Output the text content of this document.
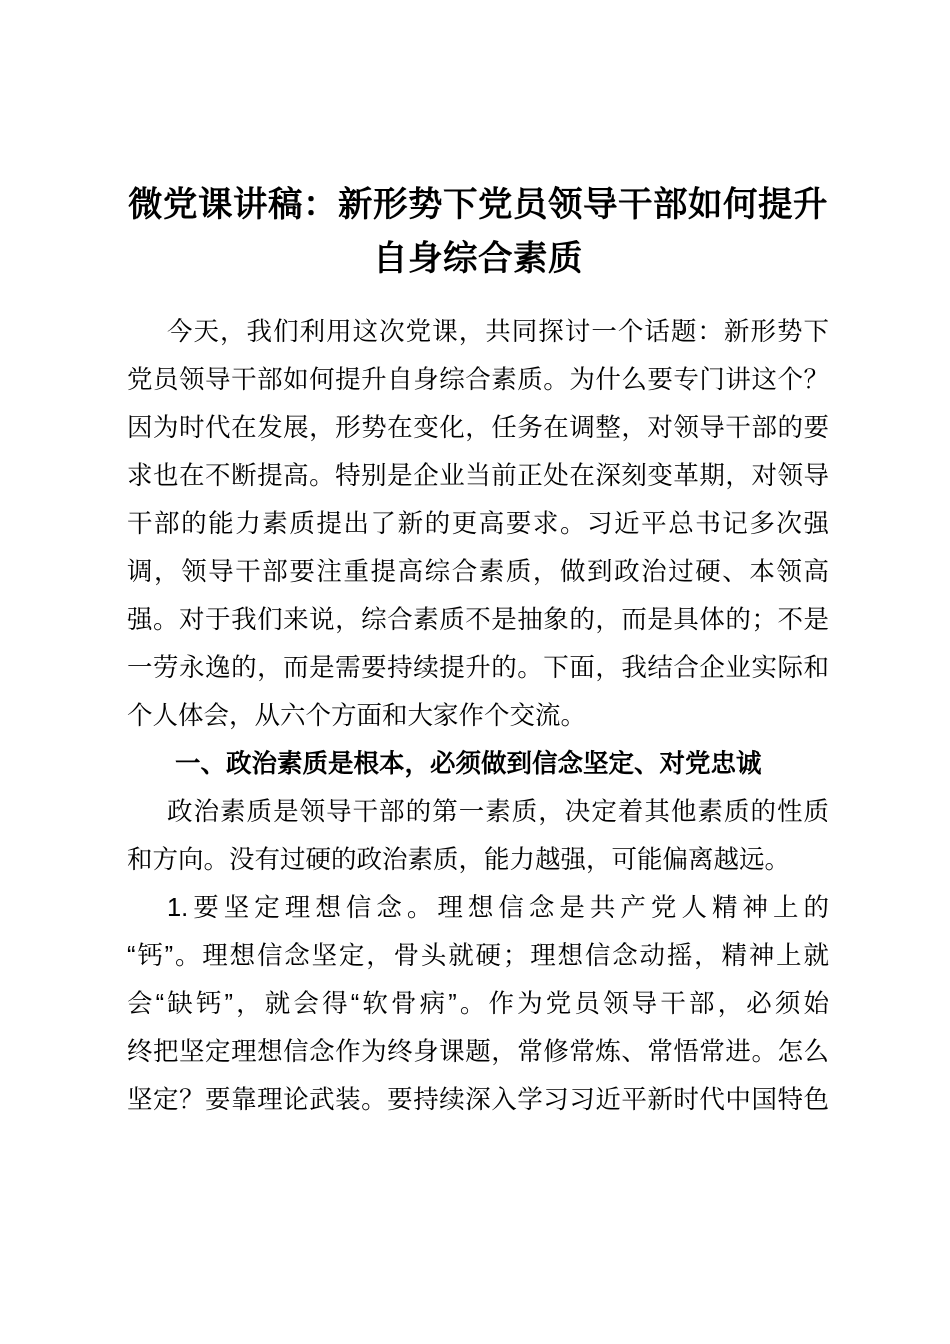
微党课讲稿：新形势下党员领导干部如何提升
自身综合素质
今天，我们利用这次党课，共同探讨一个话题：新形势下
党员领导干部如何提升自身综合素质。为什么要专门讲这个？
因为时代在发展，形势在变化，任务在调整，对领导干部的要
求也在不断提高。特别是企业当前正处在深刻变革期，对领导
干部的能力素质提出了新的更高要求。习近平总书记多次强
调，领导干部要注重提高综合素质，做到政治过硬、本领高
强。对于我们来说，综合素质不是抽象的，而是具体的；不是
一劳永逸的，而是需要持续提升的。下面，我结合企业实际和
个人体会，从六个方面和大家作个交流。
一、政治素质是根本，必须做到信念坚定、对党忠诚
政治素质是领导干部的第一素质，决定着其他素质的性质
和方向。没有过硬的政治素质，能力越强，可能偏离越远。
1.要坚定理想信念。理想信念是共产党人精神上的
“钙”。理想信念坚定，骨头就硬；理想信念动摇，精神上就
会“缺钙”，就会得“软骨病”。作为党员领导干部，必须始
终把坚定理想信念作为终身课题，常修常炼、常悟常进。怎么
坚定？要靠理论武装。要持续深入学习习近平新时代中国特色
